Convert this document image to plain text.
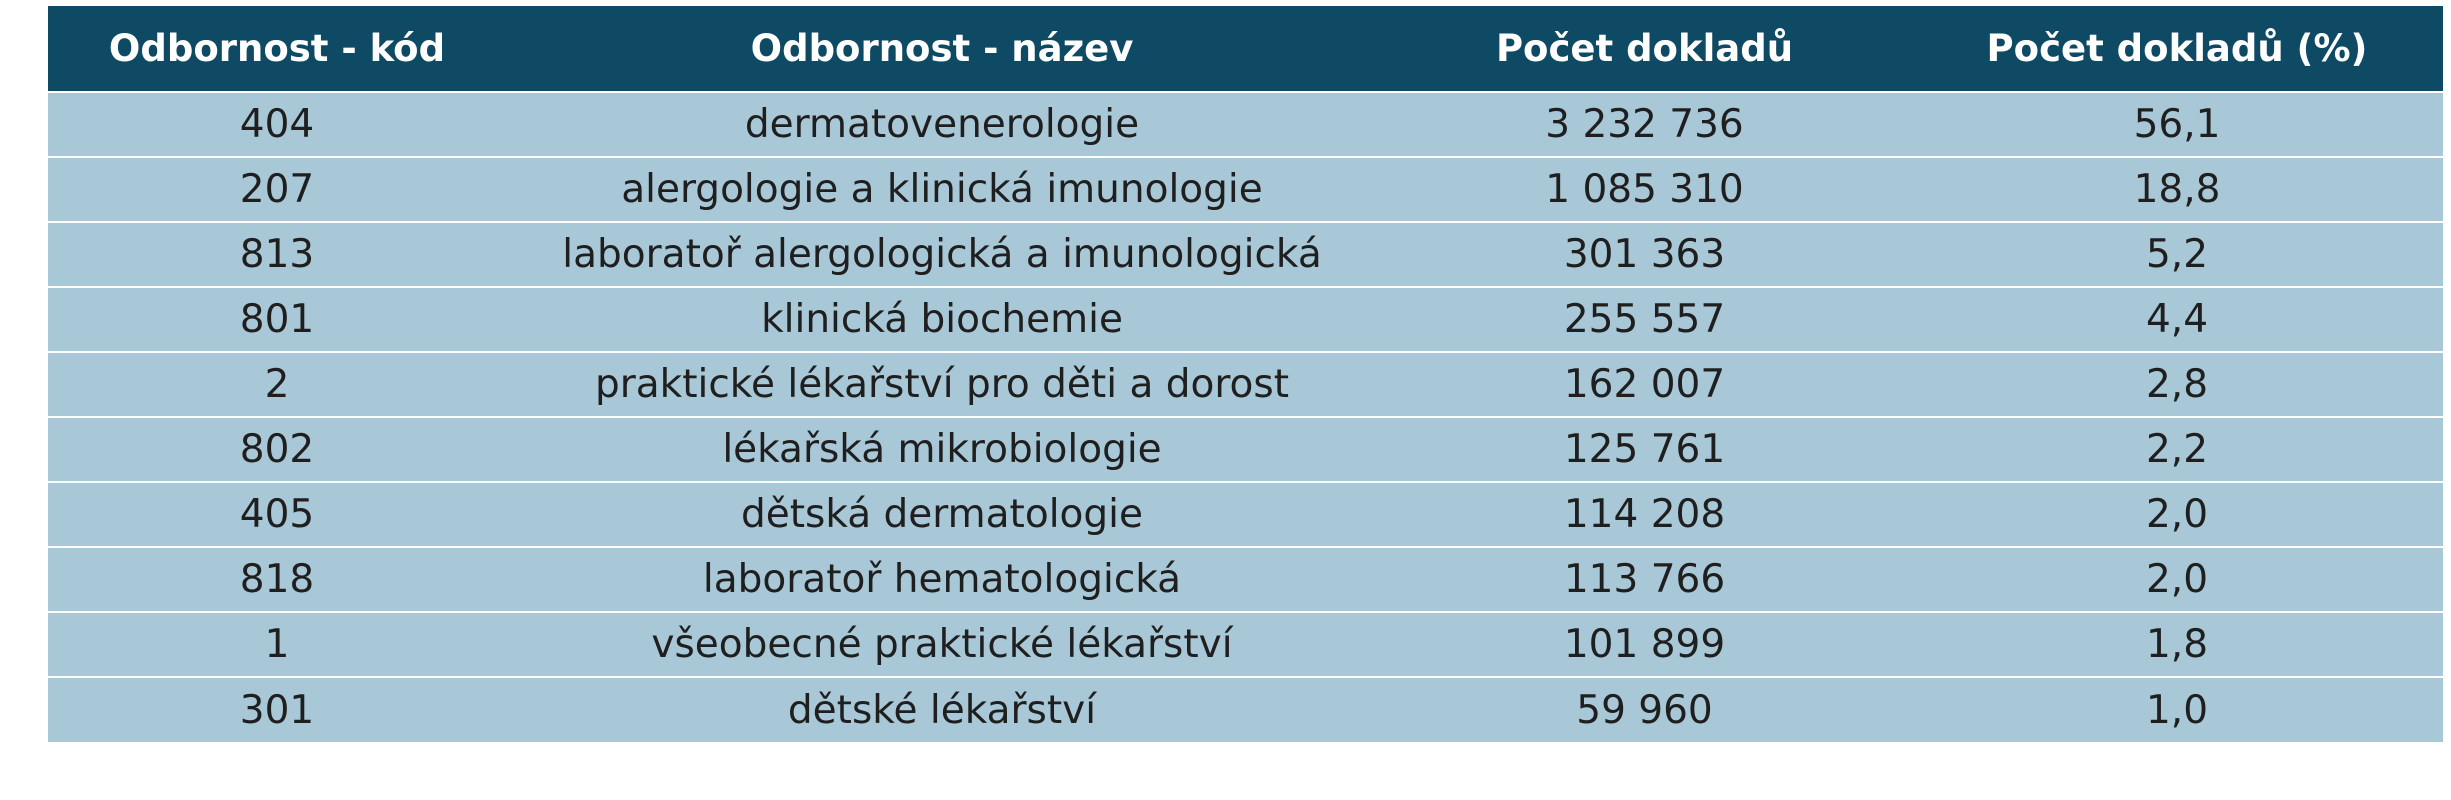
Odbornost - kód	Odbornost - název	Počet dokladů	Počet dokladů (%)
404	dermatovenerologie	3 232 736	56,1
207	alergologie a klinická imunologie	1 085 310	18,8
813	laboratoř alergologická a imunologická	301 363	5,2
801	klinická biochemie	255 557	4,4
2	praktické lékařství pro děti a dorost	162 007	2,8
802	lékařská mikrobiologie	125 761	2,2
405	dětská dermatologie	114 208	2,0
818	laboratoř hematologická	113 766	2,0
1	všeobecné praktické lékařství	101 899	1,8
301	dětské lékařství	59 960	1,0
